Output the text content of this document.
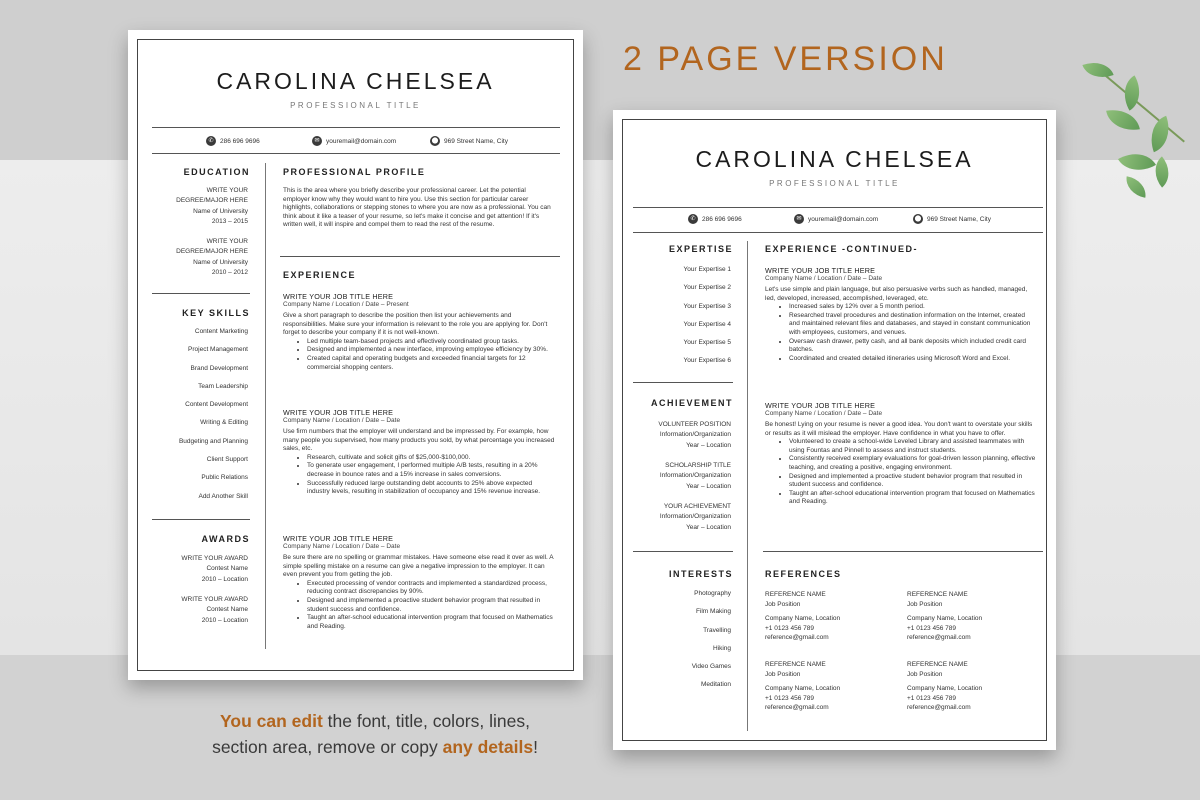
CAROLINA CHELSEA
PROFESSIONAL TITLE
✆ 286 696 9696	✉ youremail@domain.com	⬤ 969 Street Name, City
EDUCATION
WRITE YOUR
DEGREE/MAJOR HERE
Name of University
2013 – 2015
WRITE YOUR
DEGREE/MAJOR HERE
Name of University
2010 – 2012
KEY SKILLS
Content Marketing
Project Management
Brand Development
Team Leadership
Content Development
Writing & Editing
Budgeting and Planning
Client Support
Public Relations
Add Another Skill
AWARDS
WRITE YOUR AWARD
Contest Name
2010 – Location
WRITE YOUR AWARD
Contest Name
2010 – Location
PROFESSIONAL PROFILE
This is the area where you briefly describe your professional career. Let the potential employer know why they would want to hire you. Use this section for particular career highlights, collaborations or stepping stones to where you are now as a professional. You can think about it like a teaser of your resume, so let's make it concise and get attention! If it's written well, it will inspire and compel them to read the rest of the resume.
EXPERIENCE
WRITE YOUR JOB TITLE HERE
Company Name / Location / Date – Present
Give a short paragraph to describe the position then list your achievements and responsibilities. Make sure your information is relevant to the role you are applying for. Don't forget to describe your company if it is not well-known.
• Led multiple team-based projects and effectively coordinated group tasks.
• Designed and implemented a new interface, improving employee efficiency by 30%.
• Created capital and operating budgets and exceeded financial targets for 12 commercial shopping centers.
WRITE YOUR JOB TITLE HERE
Company Name / Location / Date – Date
Use firm numbers that the employer will understand and be impressed by. For example, how many people you supervised, how many products you sold, by what percentage you increased sales, etc.
• Research, cultivate and solicit gifts of $25,000-$100,000.
• To generate user engagement, I performed multiple A/B tests, resulting in a 20% decrease in bounce rates and a 15% increase in sales conversions.
• Successfully reduced large outstanding debt accounts to 25% above expected industry levels, resulting in stabilization of occupancy and 15% revenue increase.
WRITE YOUR JOB TITLE HERE
Company Name / Location / Date – Date
Be sure there are no spelling or grammar mistakes. Have someone else read it over as well. A simple spelling mistake on a resume can give a negative impression to the employer. It can even prevent you from getting the job.
• Executed processing of vendor contracts and implemented a standardized process, reducing contract discrepancies by 90%.
• Designed and implemented a proactive student behavior program that resulted in student success and confidence.
• Taught an after-school educational intervention program that focused on Mathematics and Reading.
CAROLINA CHELSEA
PROFESSIONAL TITLE
✆ 286 696 9696	✉ youremail@domain.com	⬤ 969 Street Name, City
EXPERTISE
Your Expertise 1
Your Expertise 2
Your Expertise 3
Your Expertise 4
Your Expertise 5
Your Expertise 6
ACHIEVEMENT
VOLUNTEER POSITION
Information/Organization
Year – Location
SCHOLARSHIP TITLE
Information/Organization
Year – Location
YOUR ACHIEVEMENT
Information/Organization
Year – Location
INTERESTS
Photography
Film Making
Travelling
Hiking
Video Games
Meditation
EXPERIENCE -CONTINUED-
WRITE YOUR JOB TITLE HERE
Company Name / Location / Date – Date
Let's use simple and plain language, but also persuasive verbs such as handled, managed, led, developed, increased, accomplished, leveraged, etc.
• Increased sales by 12% over a 5 month period.
• Researched travel procedures and destination information on the Internet, created and maintained relevant files and databases, and stayed in constant communication with employees, customers, and venues.
• Oversaw cash drawer, petty cash, and all bank deposits which included credit card batches.
• Coordinated and created detailed itineraries using Microsoft Word and Excel.
WRITE YOUR JOB TITLE HERE
Company Name / Location / Date – Date
Be honest! Lying on your resume is never a good idea. You don't want to overstate your skills or results as it will mislead the employer. Have confidence in what you have to offer.
• Volunteered to create a school-wide Leveled Library and assisted teammates with using Fountas and Pinnell to assess and instruct students.
• Consistently received exemplary evaluations for goal-driven lesson planning, effective teaching, and creating a positive, engaging environment.
• Designed and implemented a proactive student behavior program that resulted in student success and confidence.
• Taught an after-school educational intervention program that focused on Mathematics and Reading.
REFERENCES
REFERENCE NAME
Job Position
Company Name, Location
+1 0123 456 789
reference@gmail.com
REFERENCE NAME
Job Position
Company Name, Location
+1 0123 456 789
reference@gmail.com
REFERENCE NAME
Job Position
Company Name, Location
+1 0123 456 789
reference@gmail.com
REFERENCE NAME
Job Position
Company Name, Location
+1 0123 456 789
reference@gmail.com
2 PAGE VERSION
You can edit the font, title, colors, lines, section area, remove or copy any details!
